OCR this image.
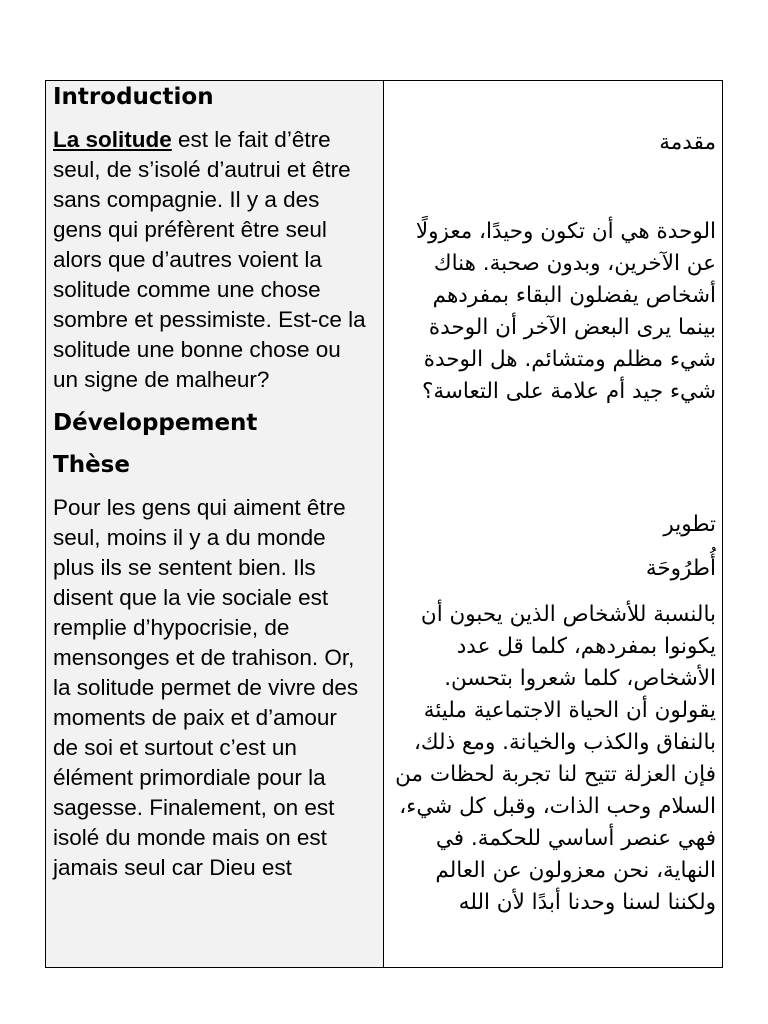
Introduction

La solitude est le fait d’être seul, de s’isolé d’autrui et être sans compagnie. Il y a des gens qui préfèrent être seul alors que d’autres voient la solitude comme une chose sombre et pessimiste. Est-ce la solitude une bonne chose ou un signe de malheur?

Développement
Thèse

Pour les gens qui aiment être seul, moins il y a du monde plus ils se sentent bien. Ils disent que la vie sociale est remplie d’hypocrisie, de mensonges et de trahison. Or, la solitude permet de vivre des moments de paix et d’amour de soi et surtout c’est un élément primordiale pour la sagesse. Finalement, on est isolé du monde mais on est jamais seul car Dieu est

مقدمة

الوحدة هي أن تكون وحيدًا، معزولًا عن الآخرين، وبدون صحبة. هناك أشخاص يفضلون البقاء بمفردهم بينما يرى البعض الآخر أن الوحدة شيء مظلم ومتشائم. هل الوحدة شيء جيد أم علامة على التعاسة؟

تطوير

أُطرُوحَة

بالنسبة للأشخاص الذين يحبون أن يكونوا بمفردهم، كلما قل عدد الأشخاص، كلما شعروا بتحسن. يقولون أن الحياة الاجتماعية مليئة بالنفاق والكذب والخيانة. ومع ذلك، فإن العزلة تتيح لنا تجربة لحظات من السلام وحب الذات، وقبل كل شيء، فهي عنصر أساسي للحكمة. في النهاية، نحن معزولون عن العالم ولكننا لسنا وحدنا أبدًا لأن الله
